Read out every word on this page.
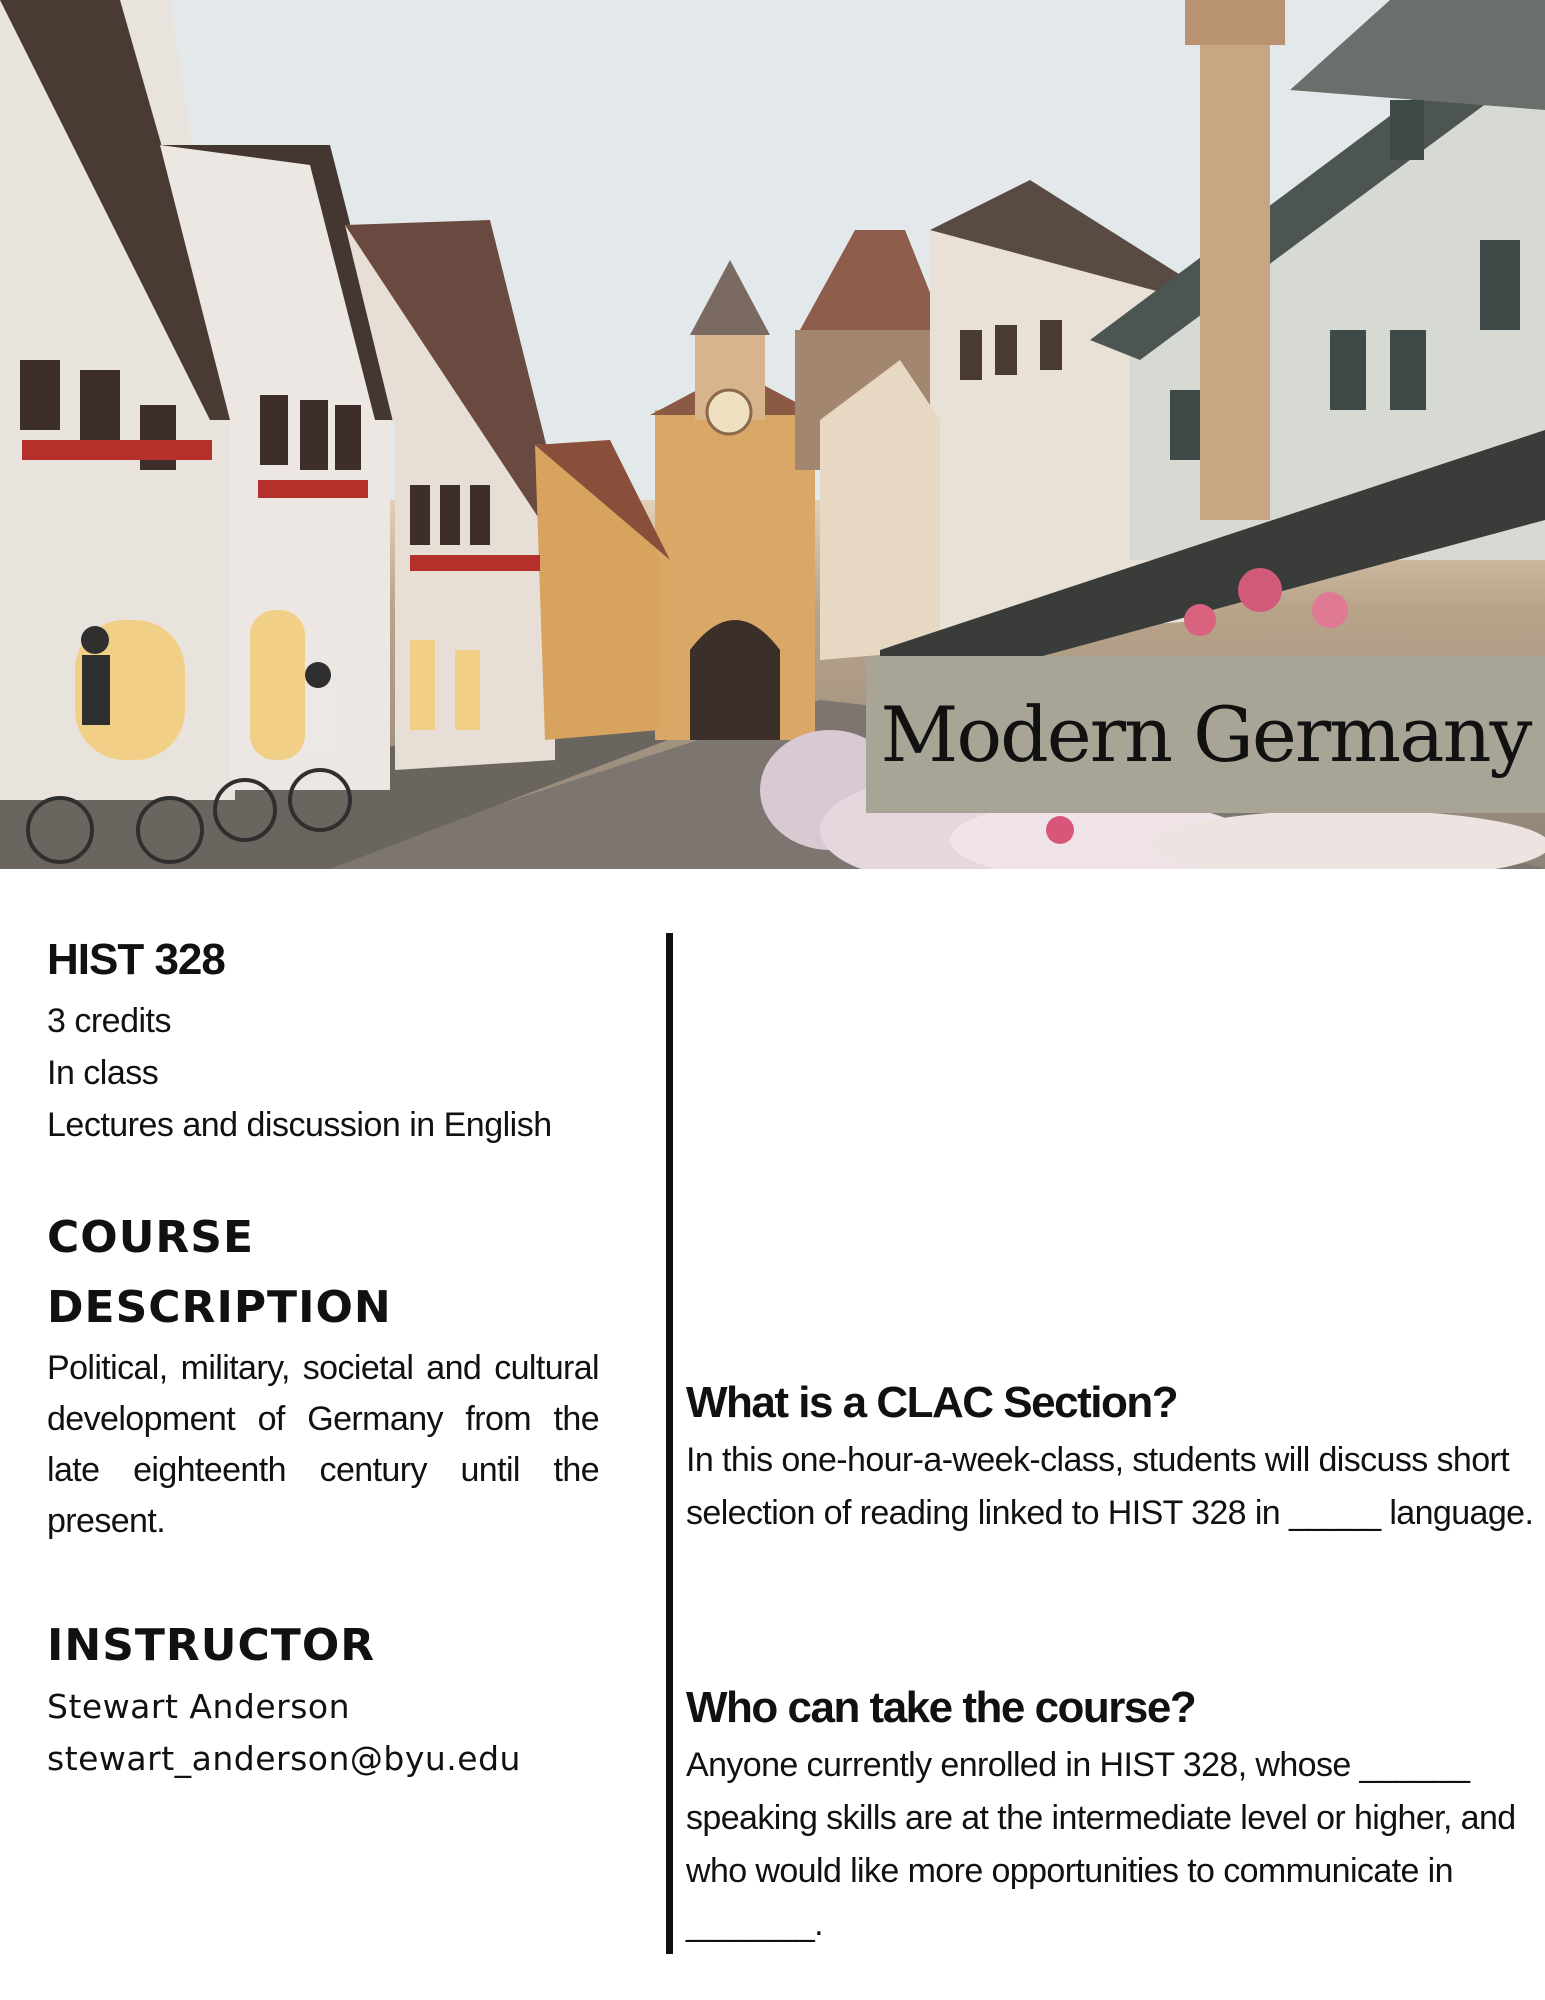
Modern Germany
HIST 328
3 credits
In class
Lectures and discussion in English
COURSE
DESCRIPTION

Political, military, societal and cultural development of Germany from the late eighteenth century until the present.

INSTRUCTOR
Stewart Anderson
stewart_anderson@byu.edu
What is a CLAC Section?

In this one-hour-a-week-class, students will discuss short selection of reading linked to HIST 328 in _____ language.

Who can take the course?

Anyone currently enrolled in HIST 328, whose ______ speaking skills are at the intermediate level or higher, and who would like more opportunities to communicate in _______.
